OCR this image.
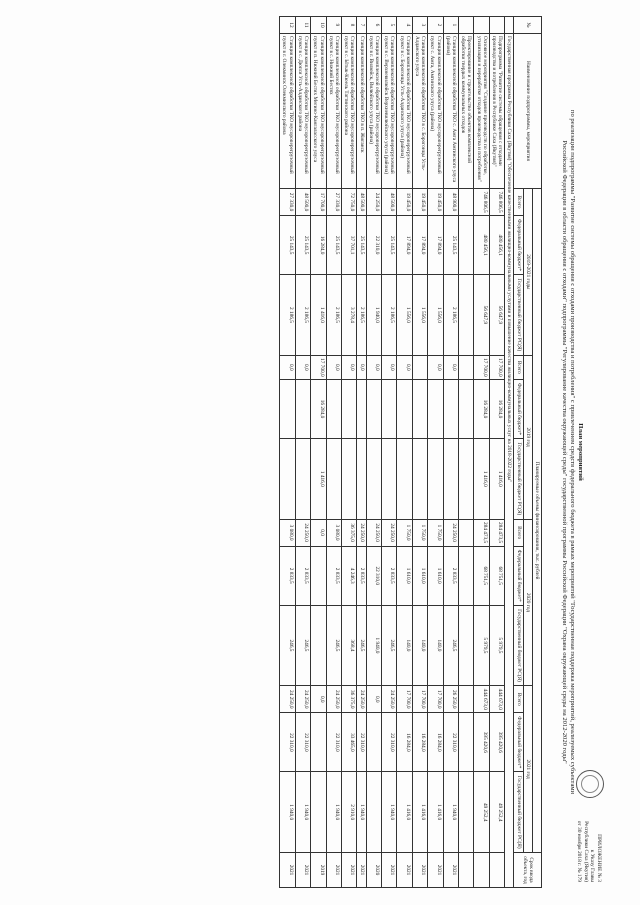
ПРИЛОЖЕНИЕ № 3
к Указу Главы
Республики Саха (Якутия)
от 30 ноября 2018 г. № 179
План мероприятий
по реализации подпрограммы "Развитие системы обращения с отходами производства и потребления" с привлечением средств федерального бюджета в рамках мероприятий "Государственная поддержка мероприятий, реализуемых субъектами
Российской Федерации в области обращения с отходами" подпрограммы "Регулирование качества окружающей среды" государственной программы Российской Федерации "Охрана окружающей среды на 2012-2020 годы"
№	Наименование подпрограммы, мероприятия	Планируемые объемы финансирования, тыс. рублей												Срок ввода объекта, год
		2019-2021 годы			2019 год			2020 год			2021 год			
		Всего	Федеральный бюджет*	Государственный бюджет РС(Я)	Всего	Федеральный бюджет*	Государственный бюджет РС(Я)	Всего	Федеральный бюджет*	Государственный бюджет РС(Я)	Всего	Федеральный бюджет*	Государственный бюджет РС(Я)	
	Государственная программа Республики Саха (Якутия) "Обеспечение качественными жилищно-коммунальными услугами и повышение качества жилищно-коммунальных услуг на 2018-2022 годы"													
	Подпрограмма "Развитие системы обращения с отходами производства и потребления в Республике Саха (Якутия)"	746 806,5	480 456,1	56 647,9	17 700,0	16 284,0	1 416,0	284 473,5	68 751,5	5 979,5	444 673,0	395 420,6	49 252,4	
	Основное мероприятия "Создание производств по обработке, утилизации и переработке отходов производства и потребления"	746 806,5	480 456,1	56 647,9	17 700,0	16 284,0	1 416,0	284 473,5	68 751,5	5 979,5	444 673,0	395 420,6	49 252,4	
	Проектирование и строительство объектов комплексной обработки твердых коммунальных отходов													
1	Станция комплексной обработки ТКО с. Амга Амгинского улуса (района)	48 900,0	25 143,5	2 186,5	0,0			24 250,0	2 833,5	246,5	26 250,0	22 310,0	1 940,0	2021
2	Станция комплексной обработки ТКО мусороперегрузочный пункт с. Амга, Амгинского улуса (района)	19 450,0	17 894,0	1 556,0	0,0			1 750,0	1 610,0	140,0	17 700,0	16 284,0	1 416,0	2021
3	Станция комплексной обработки ТКО в с. Борогонцы Усть-Алданского улуса	19 450,0	17 894,0	1 556,0				1 750,0	1 610,0	140,0	17 700,0	16 284,0	1 416,0	2021
4	Станция комплексной обработки ТКО мусороперегрузочный пункт в с. Борогонцы Усть-Алданского улуса (района)	19 450,0	17 894,0	1 556,0	0,0			1 750,0	1 610,0	140,0	17 700,0	16 284,0	1 416,0	2021
5	Станция комплексной обработки ТКО мусороперегрузочный пункт в с. Верхневилюйск Верхневилюйского улуса (района)	48 500,0	25 143,5	2 186,5	0,0			24 250,0	2 833,5	246,5	24 250,0	22 310,0	1 940,0	2021
6	Станция комплексной обработки ТКО мусороперегрузочный пункт в г. Вилюйск, Вилюйского улуса (района)	24 250,0	22 310,0	1 940,0	0,0			24 250,0	22 310,0	1 940,0	0,0			2020
7	Станция комплексной обработки ТКО в п. Жиганск	48 500,0	25 143,5	2 186,5	0,0			24 250,0	2 833,5	246,5	24 250,0	22 310,0	1 940,0	2021
8	Станция комплексной обработки ТКО мусороперегрузочный пункт в с. Ытык-Кюель Таттинского района	72 750,0	37 701,1	3 278,4	0,0			36 375,0	4 246,3	368,4	36 375,0	33 465,0	2 910,0	2021
9	Станция комплексной обработки ТКО мусороперегрузочный пункт в с. Нижний Бестях	27 330,0	25 143,5	2 186,5	0,0			3 080,0	2 833,5	246,5	24 250,0	22 310,0	1 940,0	2021
10	Станция комплексной обработки ТКО мусороперегрузочный пункт в п. Нижний Бестях Мегино-Кангаласского улуса	17 700,0	16 284,0	1 416,0	17 700,0	16 284,0	1 416,0	0,0			0,0			2019
11	Станция комплексной обработки ТКО мусороперегрузочный пункт в с. Дюпся Усть-Алданского района	48 500,0	25 143,5	2 186,5	0,0			24 250,0	2 833,5	246,5	24 250,0	22 310,0	1 940,0	2021
12	Станция комплексной обработки ТКО мусороперегрузочный пункт в г. Олекминск Олекминского района	27 330,0	25 143,5	2 186,5	0,0			3 080,0	2 833,5	246,5	24 250,0	22 310,0	1 940,0	2021
